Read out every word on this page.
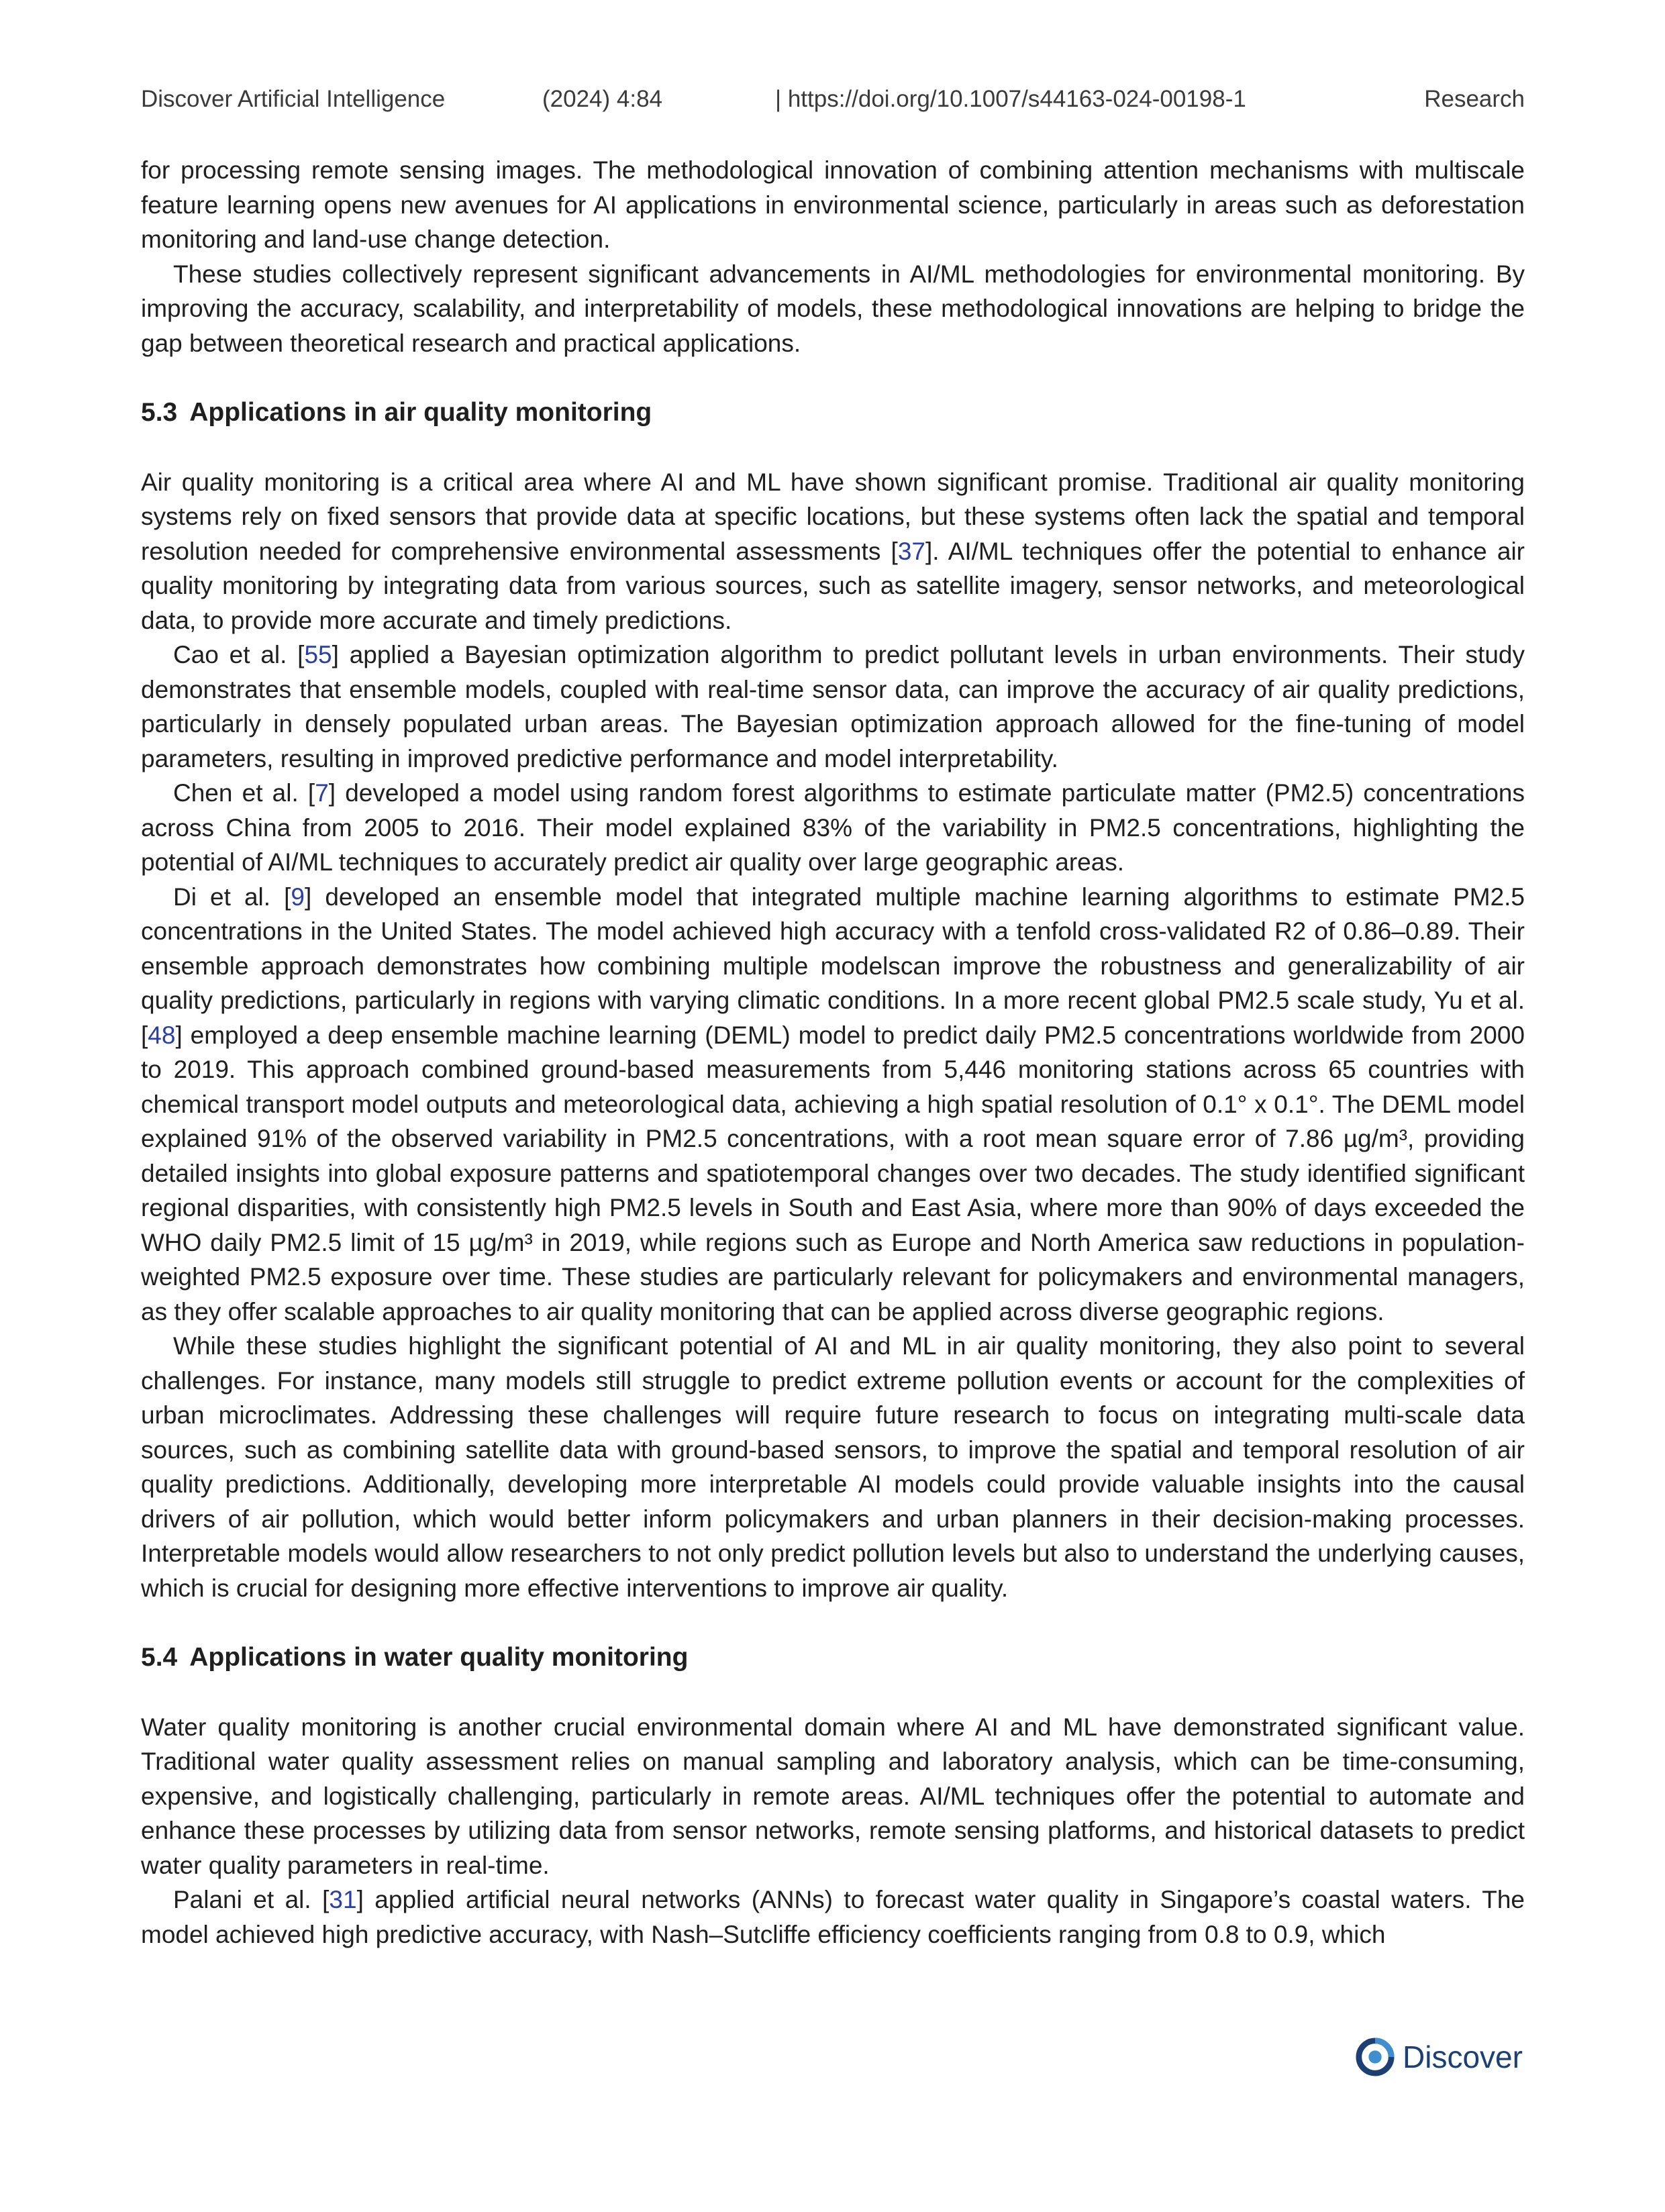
Discover Artificial Intelligence	(2024) 4:84	| https://doi.org/10.1007/s44163-024-00198-1	Research

for processing remote sensing images. The methodological innovation of combining attention mechanisms with multiscale feature learning opens new avenues for AI applications in environmental science, particularly in areas such as deforestation monitoring and land-use change detection.

These studies collectively represent significant advancements in AI/ML methodologies for environmental monitoring. By improving the accuracy, scalability, and interpretability of models, these methodological innovations are helping to bridge the gap between theoretical research and practical applications.

5.3 Applications in air quality monitoring

Air quality monitoring is a critical area where AI and ML have shown significant promise. Traditional air quality monitoring systems rely on fixed sensors that provide data at specific locations, but these systems often lack the spatial and temporal resolution needed for comprehensive environmental assessments [37]. AI/ML techniques offer the potential to enhance air quality monitoring by integrating data from various sources, such as satellite imagery, sensor networks, and meteorological data, to provide more accurate and timely predictions.

Cao et al. [55] applied a Bayesian optimization algorithm to predict pollutant levels in urban environments. Their study demonstrates that ensemble models, coupled with real-time sensor data, can improve the accuracy of air quality predictions, particularly in densely populated urban areas. The Bayesian optimization approach allowed for the fine-tuning of model parameters, resulting in improved predictive performance and model interpretability.

Chen et al. [7] developed a model using random forest algorithms to estimate particulate matter (PM2.5) concentrations across China from 2005 to 2016. Their model explained 83% of the variability in PM2.5 concentrations, highlighting the potential of AI/ML techniques to accurately predict air quality over large geographic areas.

Di et al. [9] developed an ensemble model that integrated multiple machine learning algorithms to estimate PM2.5 concentrations in the United States. The model achieved high accuracy with a tenfold cross-validated R2 of 0.86–0.89. Their ensemble approach demonstrates how combining multiple modelscan improve the robustness and generalizability of air quality predictions, particularly in regions with varying climatic conditions. In a more recent global PM2.5 scale study, Yu et al. [48] employed a deep ensemble machine learning (DEML) model to predict daily PM2.5 concentrations worldwide from 2000 to 2019. This approach combined ground-based measurements from 5,446 monitoring stations across 65 countries with chemical transport model outputs and meteorological data, achieving a high spatial resolution of 0.1° x 0.1°. The DEML model explained 91% of the observed variability in PM2.5 concentrations, with a root mean square error of 7.86 µg/m³, providing detailed insights into global exposure patterns and spatiotemporal changes over two decades. The study identified significant regional disparities, with consistently high PM2.5 levels in South and East Asia, where more than 90% of days exceeded the WHO daily PM2.5 limit of 15 µg/m³ in 2019, while regions such as Europe and North America saw reductions in population-weighted PM2.5 exposure over time. These studies are particularly relevant for policymakers and environmental managers, as they offer scalable approaches to air quality monitoring that can be applied across diverse geographic regions.

While these studies highlight the significant potential of AI and ML in air quality monitoring, they also point to several challenges. For instance, many models still struggle to predict extreme pollution events or account for the complexities of urban microclimates. Addressing these challenges will require future research to focus on integrating multi-scale data sources, such as combining satellite data with ground-based sensors, to improve the spatial and temporal resolution of air quality predictions. Additionally, developing more interpretable AI models could provide valuable insights into the causal drivers of air pollution, which would better inform policymakers and urban planners in their decision-making processes. Interpretable models would allow researchers to not only predict pollution levels but also to understand the underlying causes, which is crucial for designing more effective interventions to improve air quality.

5.4 Applications in water quality monitoring

Water quality monitoring is another crucial environmental domain where AI and ML have demonstrated significant value. Traditional water quality assessment relies on manual sampling and laboratory analysis, which can be time-consuming, expensive, and logistically challenging, particularly in remote areas. AI/ML techniques offer the potential to automate and enhance these processes by utilizing data from sensor networks, remote sensing platforms, and historical datasets to predict water quality parameters in real-time.

Palani et al. [31] applied artificial neural networks (ANNs) to forecast water quality in Singapore’s coastal waters. The model achieved high predictive accuracy, with Nash–Sutcliffe efficiency coefficients ranging from 0.8 to 0.9, which

Discover
